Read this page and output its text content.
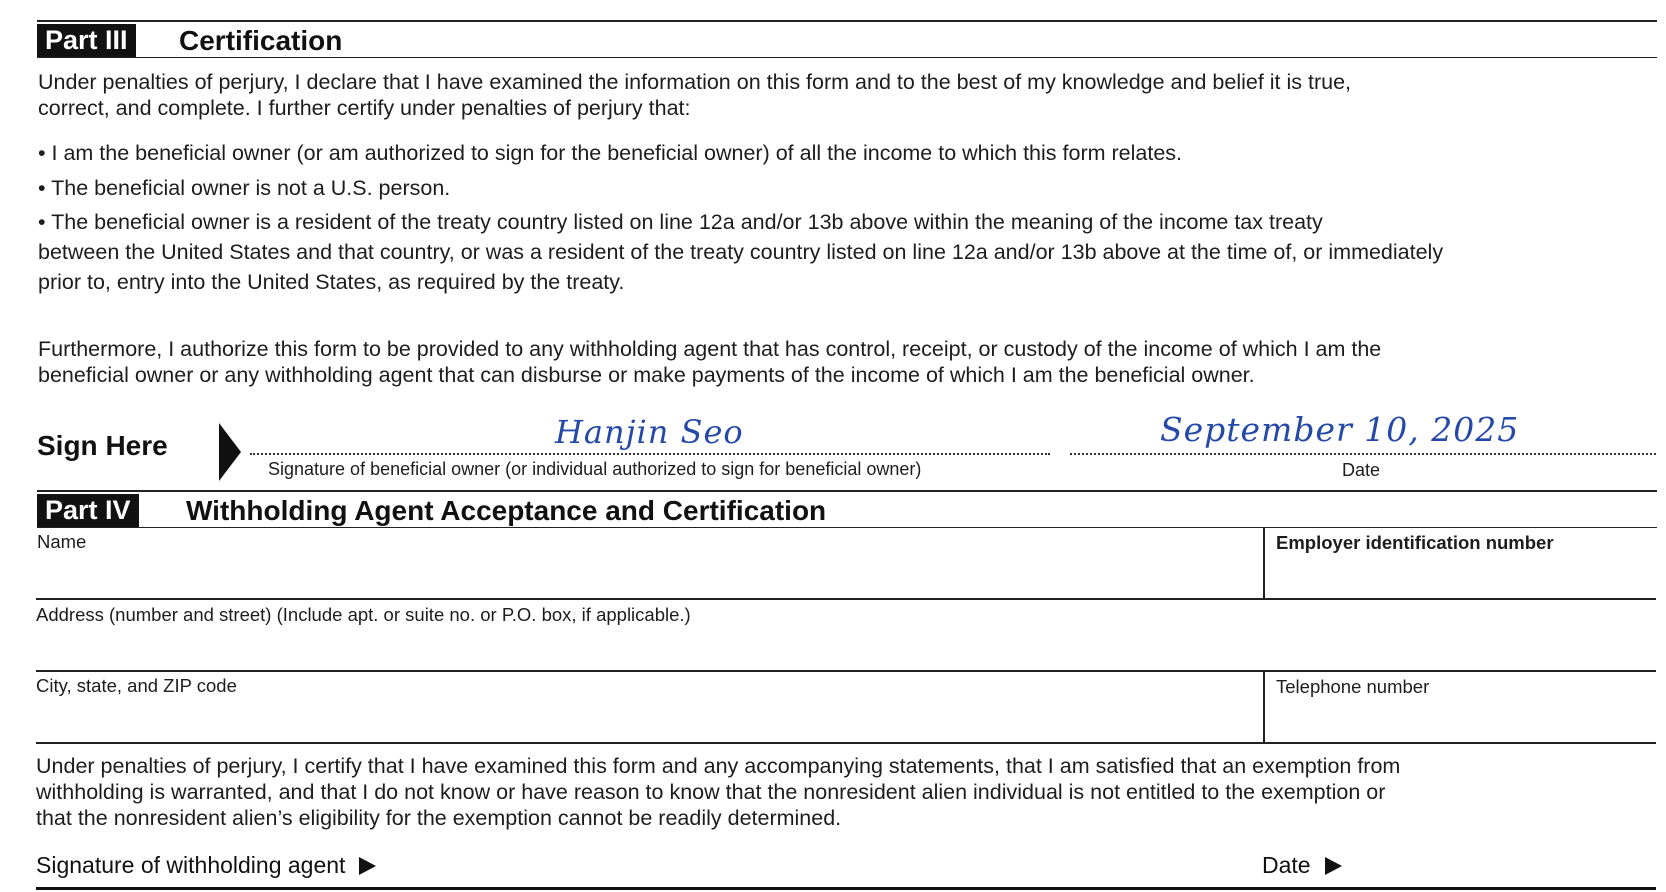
Part III Certification
Under penalties of perjury, I declare that I have examined the information on this form and to the best of my knowledge and belief it is true,
correct, and complete. I further certify under penalties of perjury that:
• I am the beneficial owner (or am authorized to sign for the beneficial owner) of all the income to which this form relates.
• The beneficial owner is not a U.S. person.
• The beneficial owner is a resident of the treaty country listed on line 12a and/or 13b above within the meaning of the income tax treaty
between the United States and that country, or was a resident of the treaty country listed on line 12a and/or 13b above at the time of, or immediately
prior to, entry into the United States, as required by the treaty.
Furthermore, I authorize this form to be provided to any withholding agent that has control, receipt, or custody of the income of which I am the
beneficial owner or any withholding agent that can disburse or make payments of the income of which I am the beneficial owner.
Sign Here	Hanjin Seo
Signature of beneficial owner (or individual authorized to sign for beneficial owner)
September 10, 2025
Date
Part IV Withholding Agent Acceptance and Certification
Name	Employer identification number
Address (number and street) (Include apt. or suite no. or P.O. box, if applicable.)
City, state, and ZIP code	Telephone number
Under penalties of perjury, I certify that I have examined this form and any accompanying statements, that I am satisfied that an exemption from
withholding is warranted, and that I do not know or have reason to know that the nonresident alien individual is not entitled to the exemption or
that the nonresident alien’s eligibility for the exemption cannot be readily determined.
Signature of withholding agent	Date
